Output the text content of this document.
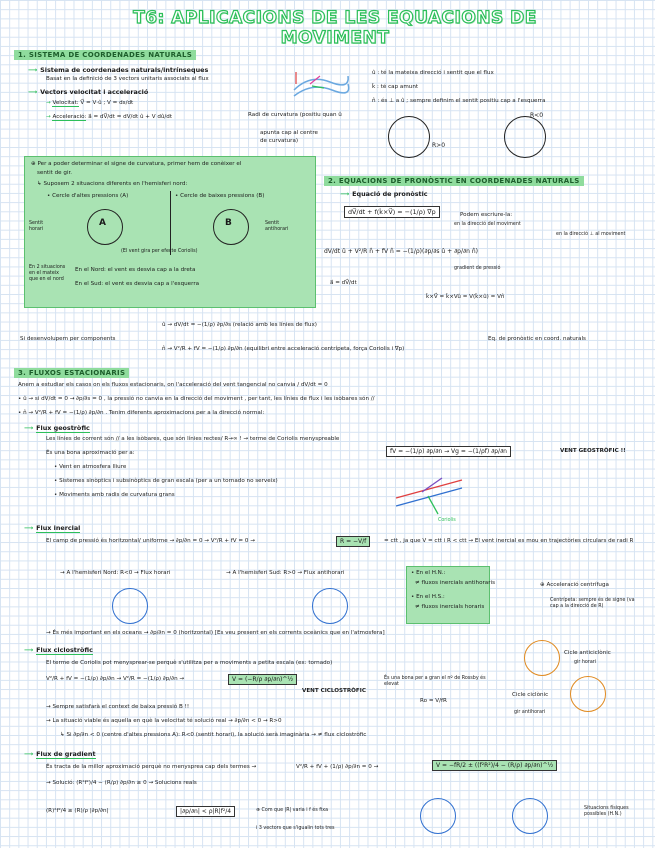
T6: APLICACIONS DE LES EQUACIONS DE MOVIMENT
1. SISTEMA DE COORDENADES NATURALS
⟶ Sistema de coordenades naturals/intrínseques
Basat en la definició de 3 vectors unitaris associats al flux
⟶ Vectors velocitat i acceleració
→ Velocitat: V⃗ = V·û ; V = ds/dt
→ Acceleració: a⃗ = dV⃗/dt = dV/dt û + V dû/dt	Radi de curvatura (positiu quan û
apunta cap al centre
de curvatura)
û : té la mateixa direcció i sentit que el flux
k̂ : té cap amunt
n̂ : és ⊥ a û ; sempre definim el sentit positiu cap a l'esquerra
R>0
R<0
⊕ Per a poder determinar el signe de curvatura, primer hem de conèixer el
sentit de gir.
↳ Suposem 2 situacions diferents en l'hemisferi nord:
• Cercle d'altes pressions (A)	• Cercle de baixes pressions (B)
A	B
Sentit horari
Sentit antihorari
(El vent gira per efecte Coriolis)
En 2 situacions en el mateix que en el nord
En el Nord: el vent es desvia cap a la dreta
En el Sud: el vent es desvia cap a l'esquerra
2. EQUACIONS DE PRONÒSTIC EN COORDENADES NATURALS
⟶ Equació de pronòstic
dV⃗/dt + f(k̂×V⃗) = −(1/ρ) ∇⃗p	Podem escriure-la:
en la direcció del moviment
en la direcció ⊥ al moviment
dV/dt û + V²/R n̂ + fV n̂ = −(1/ρ)(∂p/∂s û + ∂p/∂n n̂)
gradient de pressió
a⃗ = dV⃗/dt
k̂×V⃗ = k̂×Vû = V(k̂×û) = Vn̂
Si desenvolupem per components
û → dV/dt = −(1/ρ) ∂p/∂s (relació amb les línies de flux)
n̂ → V²/R + fV = −(1/ρ) ∂p/∂n (equilibri entre acceleració centrípeta, força Coriolis i ∇⃗p)
Eq. de pronòstic en coord. naturals
3. FLUXOS ESTACIONARIS
Anem a estudiar els casos on els fluxos estacionaris, on l'acceleració del vent tangencial no canvia / dV/dt = 0
• û → si dV/dt = 0 → ∂p/∂s = 0 , la pressió no canvia en la direcció del moviment , per tant, les línies de flux i les isòbares són //
• n̂ → V²/R + fV = −(1/ρ) ∂p/∂n . Tenim diferents aproximacions per a la direcció normal:
⟶ Flux geostròfic
Les línies de corrent són // a les isòbares, que són línies rectes/ R→∞ ! → terme de Coriolis menyspreable
fV = −(1/ρ) ∂p/∂n → Vg = −(1/ρf) ∂p/∂n	VENT GEOSTRÒFIC !!
És una bona aproximació per a:
• Vent en atmosfera lliure
• Sistemes sinòptics i subsinòptics de gran escala (per a un tornado no serveix)
• Moviments amb radis de curvatura grans
Coriolis
⟶ Flux inercial
El camp de pressió és horitzontal/ uniforme → ∂p/∂n = 0 → V²/R + fV = 0 →	R = −V/f	= ctt , ja que V = ctt i R < ctt → El vent inercial es mou en trajectòries circulars de radi R
→ A l'hemisferi Nord: R<0 → Flux horari	→ A l'hemisferi Sud: R>0 → Flux antihorari	• En el H.N.:
≠ fluxos inercials antihoraris
• En el H.S.:
≠ fluxos inercials horaris
⊕ Acceleració centrífuga
Centrípeta: sempre és de signe (va cap a la direcció de R)
→ És més important en els oceans → ∂p/∂n = 0 (horitzontal) [Es veu present en els corrents oceànics que en l'atmosfera]
⟶ Flux ciclostròfic
El terme de Coriolis pot menysprear-se perquè s'utilitza per a moviments a petita escala (ex: tornado)
V²/R + fV = −(1/ρ) ∂p/∂n → V²/R = −(1/ρ) ∂p/∂n →	V = (−R/ρ ∂p/∂n)^½
VENT CICLOSTRÒFIC
És una bona per a gran el nº de Rossby és elevat
Ro = V/fR
→ Sempre satisfarà el context de baixa pressió B !!
→ La situació viable és aquella en què la velocitat té solució real → ∂p/∂n < 0 → R>0
↳ Si ∂p/∂n < 0 (centre d'altes pressions A): R<0 (sentit horari), la solució serà imaginària → ≠ flux ciclostròfic
Cicle anticiclònic
gir horari
Cicle ciclònic
gir antihorari
⟶ Flux de gradient
És tracta de la millor aproximació perquè no menysprea cap dels termes →	V²/R + fV + (1/ρ) ∂p/∂n = 0 →	V = −fR/2 ± ((f²R²)/4 − (R/ρ) ∂p/∂n)^½
→ Solució: (R²f²)/4 − (R/ρ) ∂p/∂n ≥ 0 → Solucions reals
(R)²f²/4 ≥ (R)/ρ |∂p/∂n|	|∂p/∂n| < ρ|R|f²/4	⊕ Com que |R| varia i f és fixa
i 3 vectors que s'igualin tots tres
Situacions físiques possibles (H.N.)
